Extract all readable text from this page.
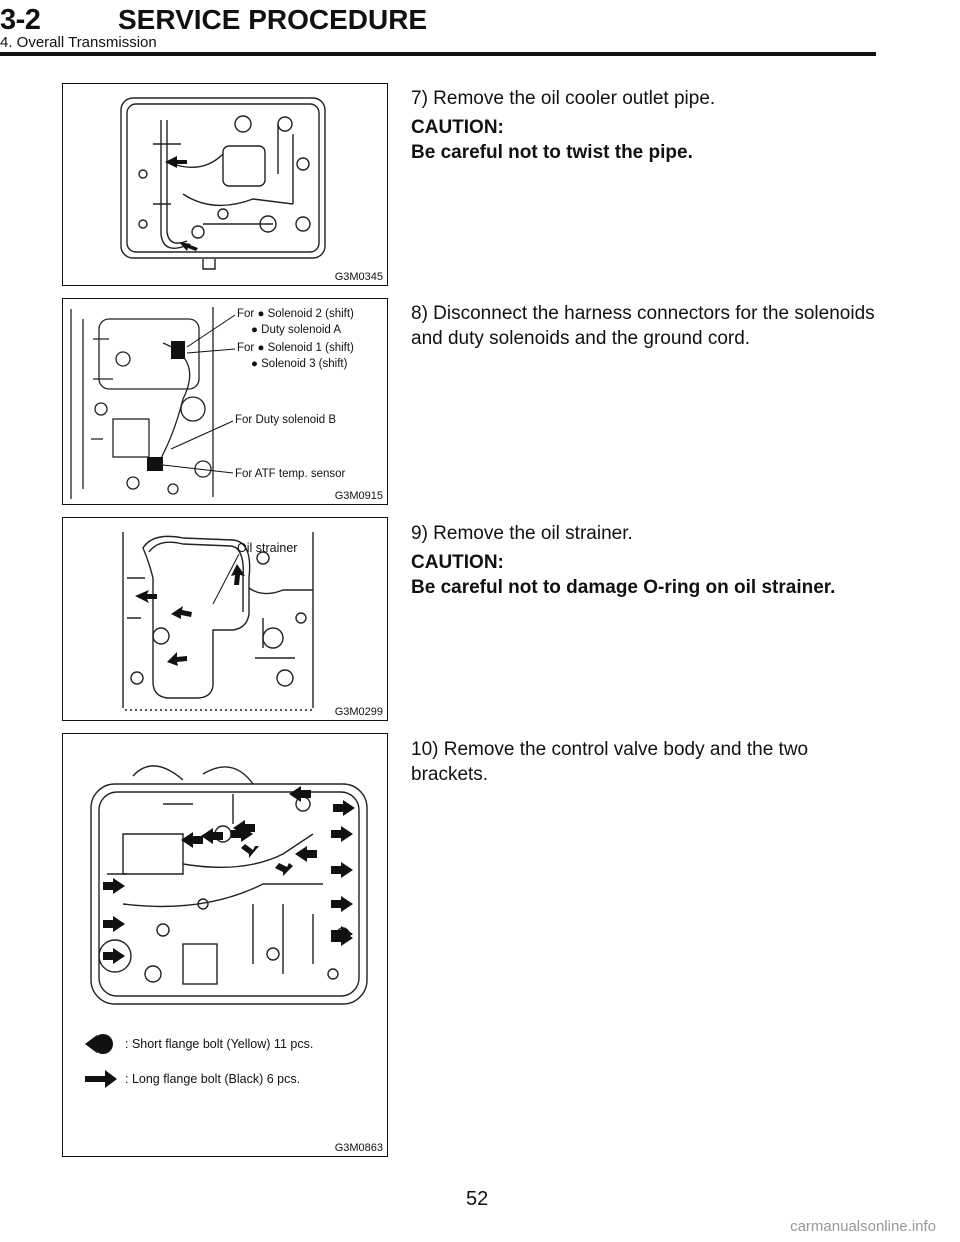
3-2	SERVICE PROCEDURE
4. Overall Transmission
G3M0345

7) Remove the oil cooler outlet pipe.

CAUTION:
Be careful not to twist the pipe.
For ● Solenoid 2 (shift)
● Duty solenoid A
For ● Solenoid 1 (shift)
● Solenoid 3 (shift)
For Duty solenoid B
For ATF temp. sensor
G3M0915

8) Disconnect the harness connectors for the solenoids and duty solenoids and the ground cord.

Oil strainer
G3M0299

9) Remove the oil strainer.

CAUTION:
Be careful not to damage O-ring on oil strainer.
: Short flange bolt (Yellow) 11 pcs.
: Long flange bolt (Black) 6 pcs.
G3M0863

10) Remove the control valve body and the two brackets.

52
carmanualsonline.info
